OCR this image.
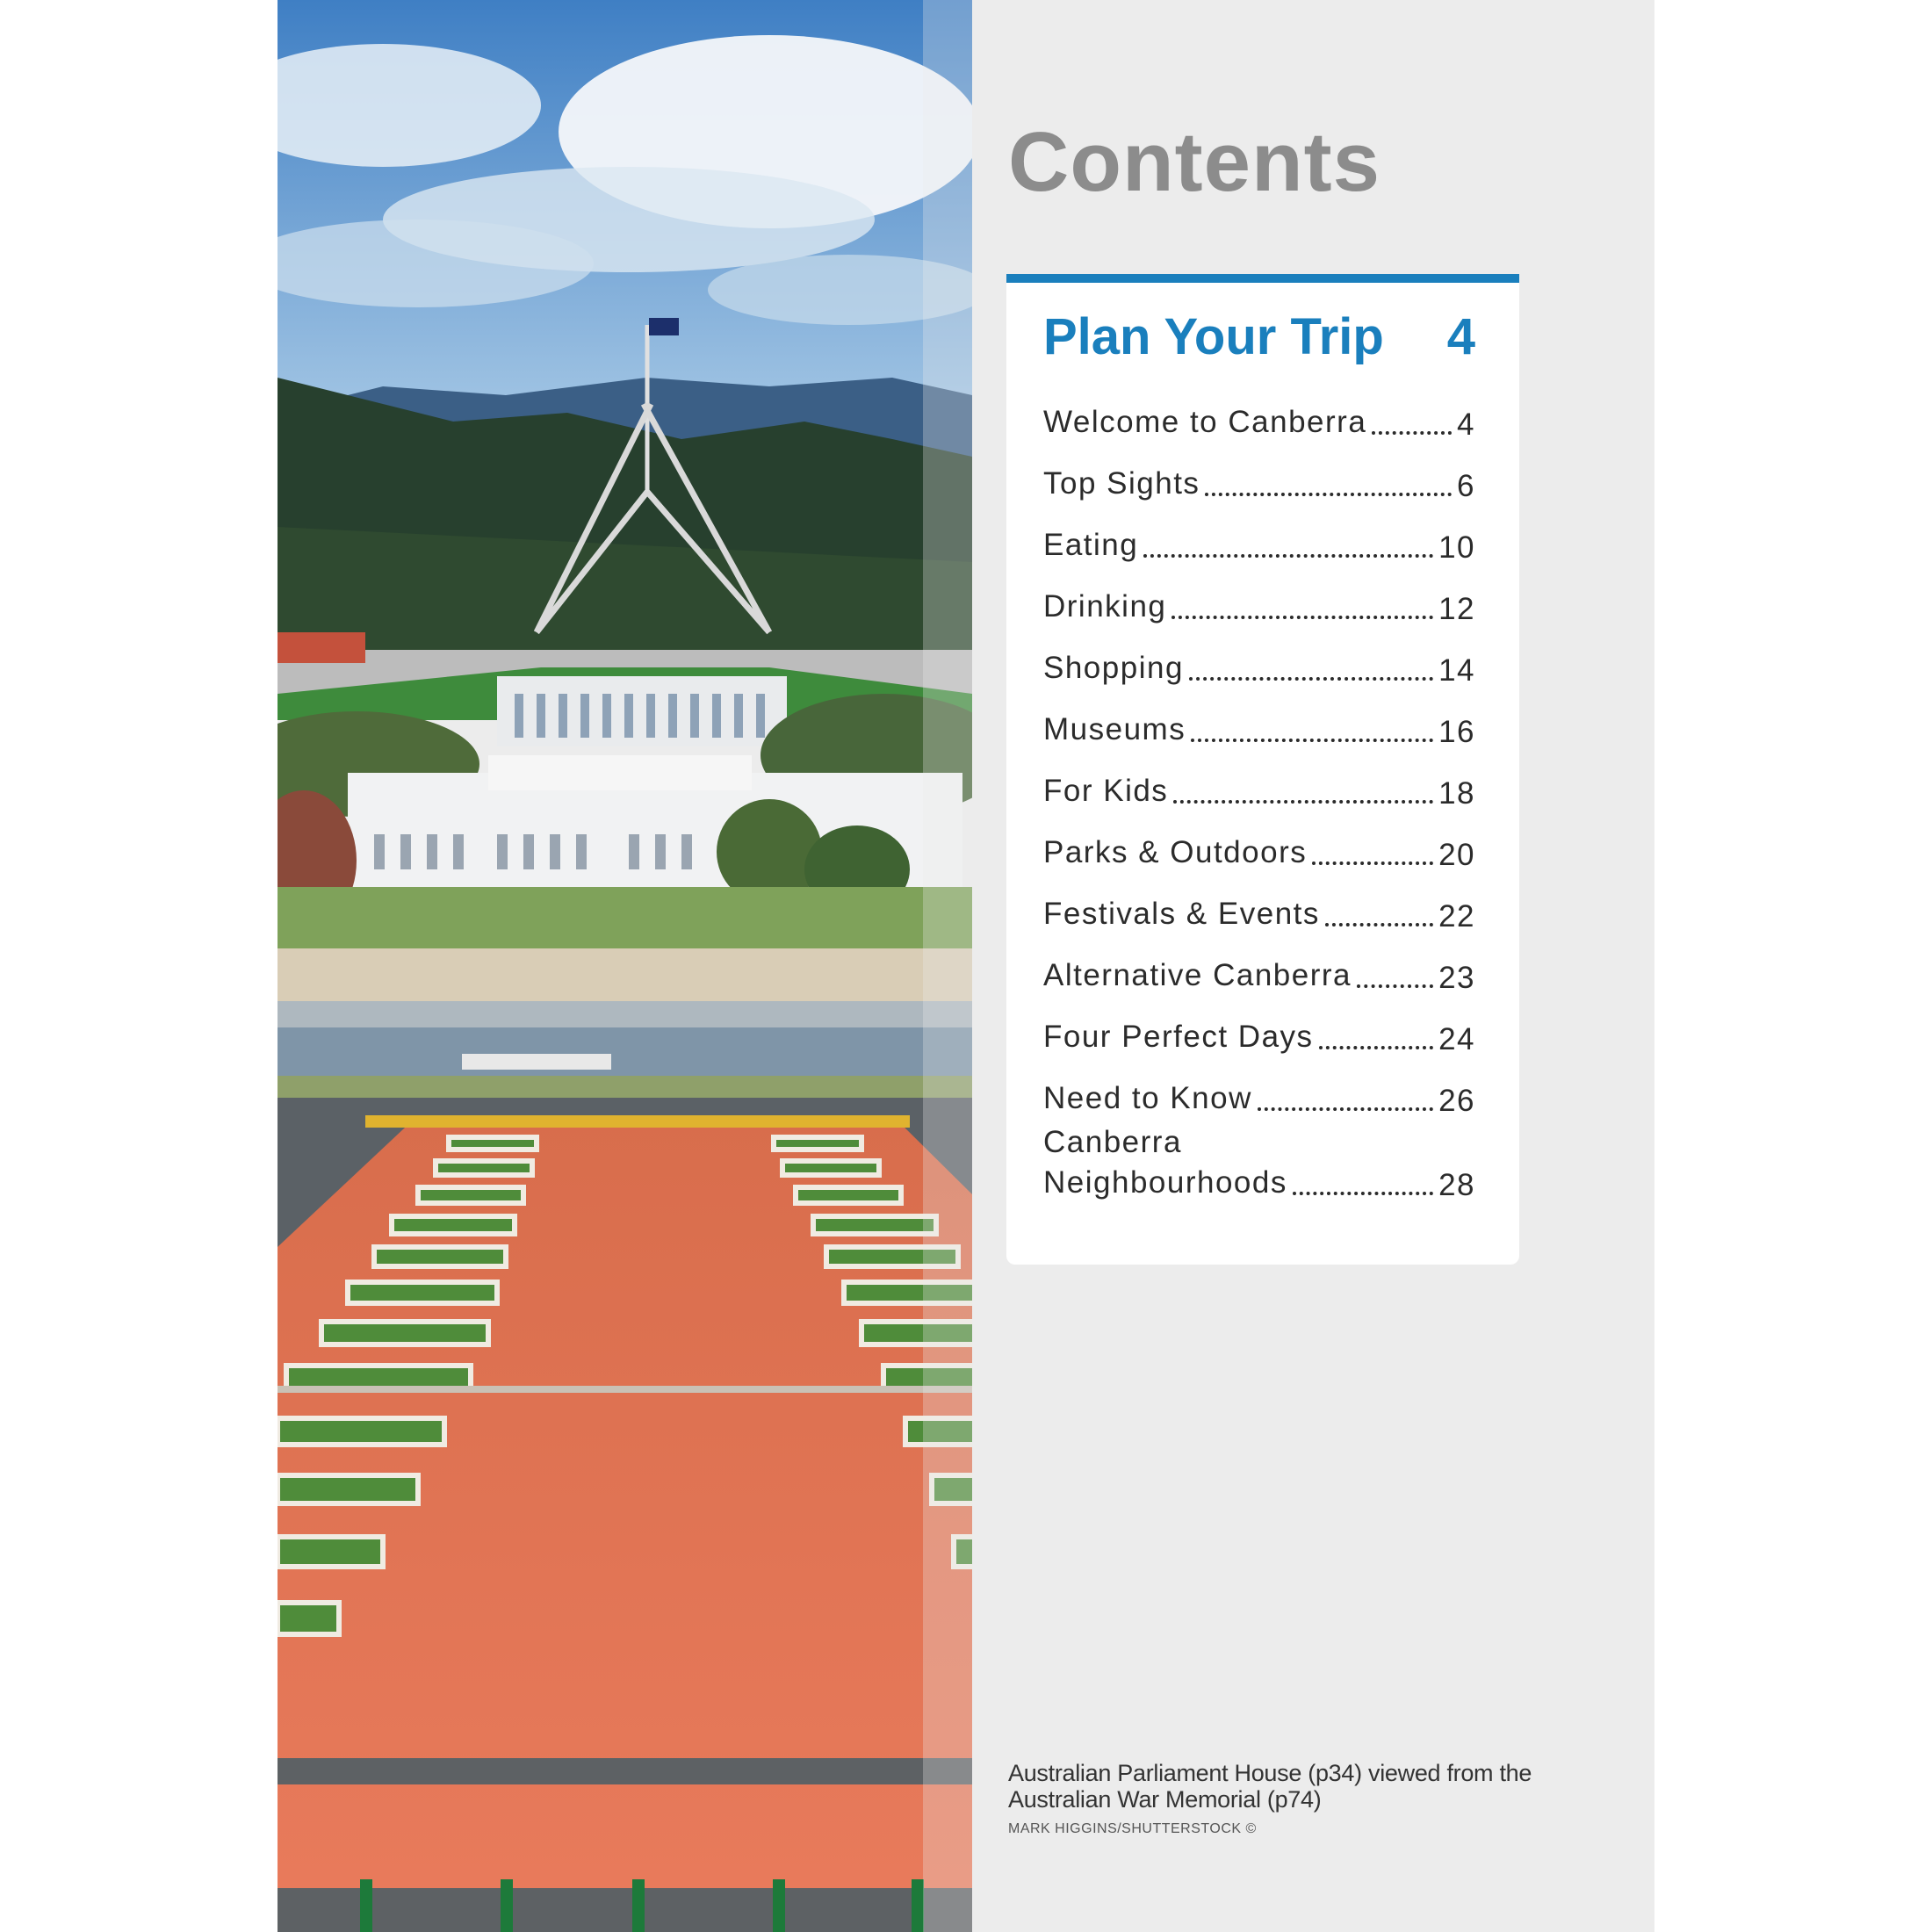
Contents
Plan Your Trip 4
Welcome to Canberra	4
Top Sights	6
Eating	10
Drinking	12
Shopping	14
Museums	16
For Kids	18
Parks & Outdoors	20
Festivals & Events	22
Alternative Canberra	23
Four Perfect Days	24
Need to Know	26
Canberra
Neighbourhoods	28
Australian Parliament House (p34) viewed from the Australian War Memorial (p74)
MARK HIGGINS/SHUTTERSTOCK ©
